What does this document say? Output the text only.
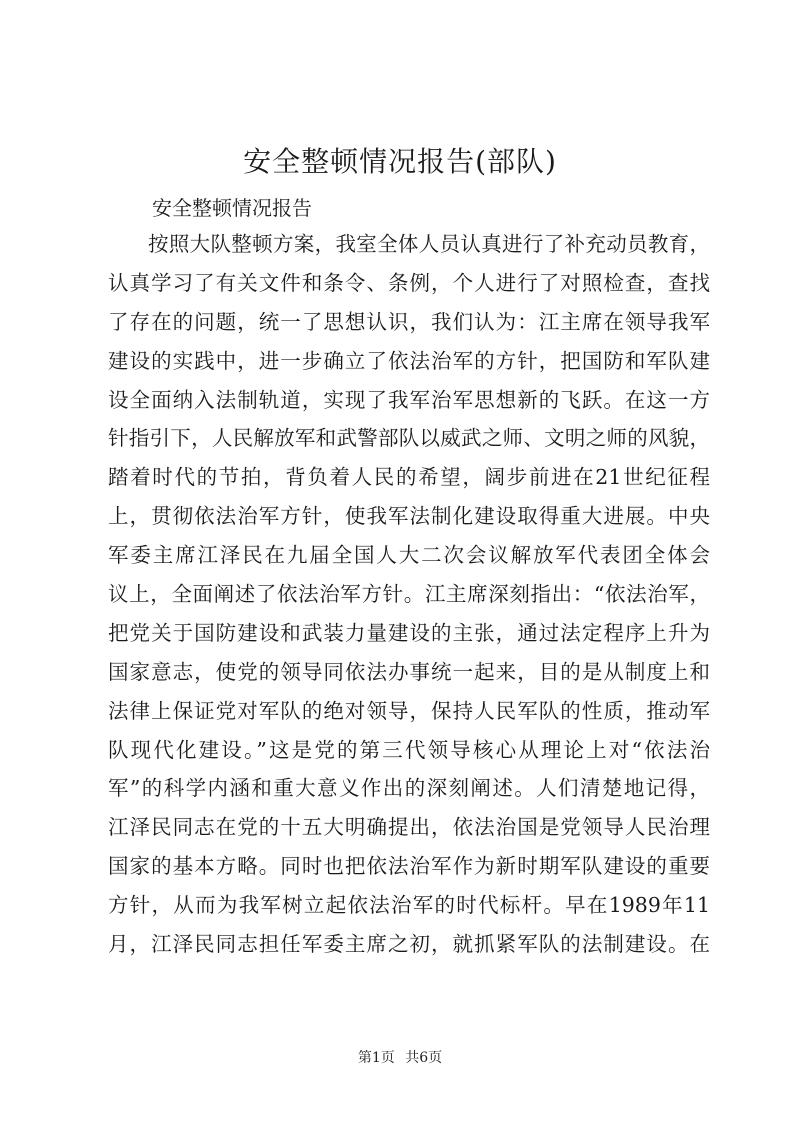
安全整顿情况报告(部队)

安全整顿情况报告

按照大队整顿方案，我室全体人员认真进行了补充动员教育，
认真学习了有关文件和条令、条例，个人进行了对照检查，查找
了存在的问题，统一了思想认识，我们认为：江主席在领导我军
建设的实践中，进一步确立了依法治军的方针，把国防和军队建
设全面纳入法制轨道，实现了我军治军思想新的飞跃。在这一方
针指引下，人民解放军和武警部队以威武之师、文明之师的风貌，
踏着时代的节拍，背负着人民的希望，阔步前进在21世纪征程
上，贯彻依法治军方针，使我军法制化建设取得重大进展。中央
军委主席江泽民在九届全国人大二次会议解放军代表团全体会
议上，全面阐述了依法治军方针。江主席深刻指出：“依法治军，
把党关于国防建设和武装力量建设的主张，通过法定程序上升为
国家意志，使党的领导同依法办事统一起来，目的是从制度上和
法律上保证党对军队的绝对领导，保持人民军队的性质，推动军
队现代化建设。”这是党的第三代领导核心从理论上对“依法治
军”的科学内涵和重大意义作出的深刻阐述。人们清楚地记得，
江泽民同志在党的十五大明确提出，依法治国是党领导人民治理
国家的基本方略。同时也把依法治军作为新时期军队建设的重要
方针，从而为我军树立起依法治军的时代标杆。早在1989年11
月，江泽民同志担任军委主席之初，就抓紧军队的法制建设。在
第1页 共6页
